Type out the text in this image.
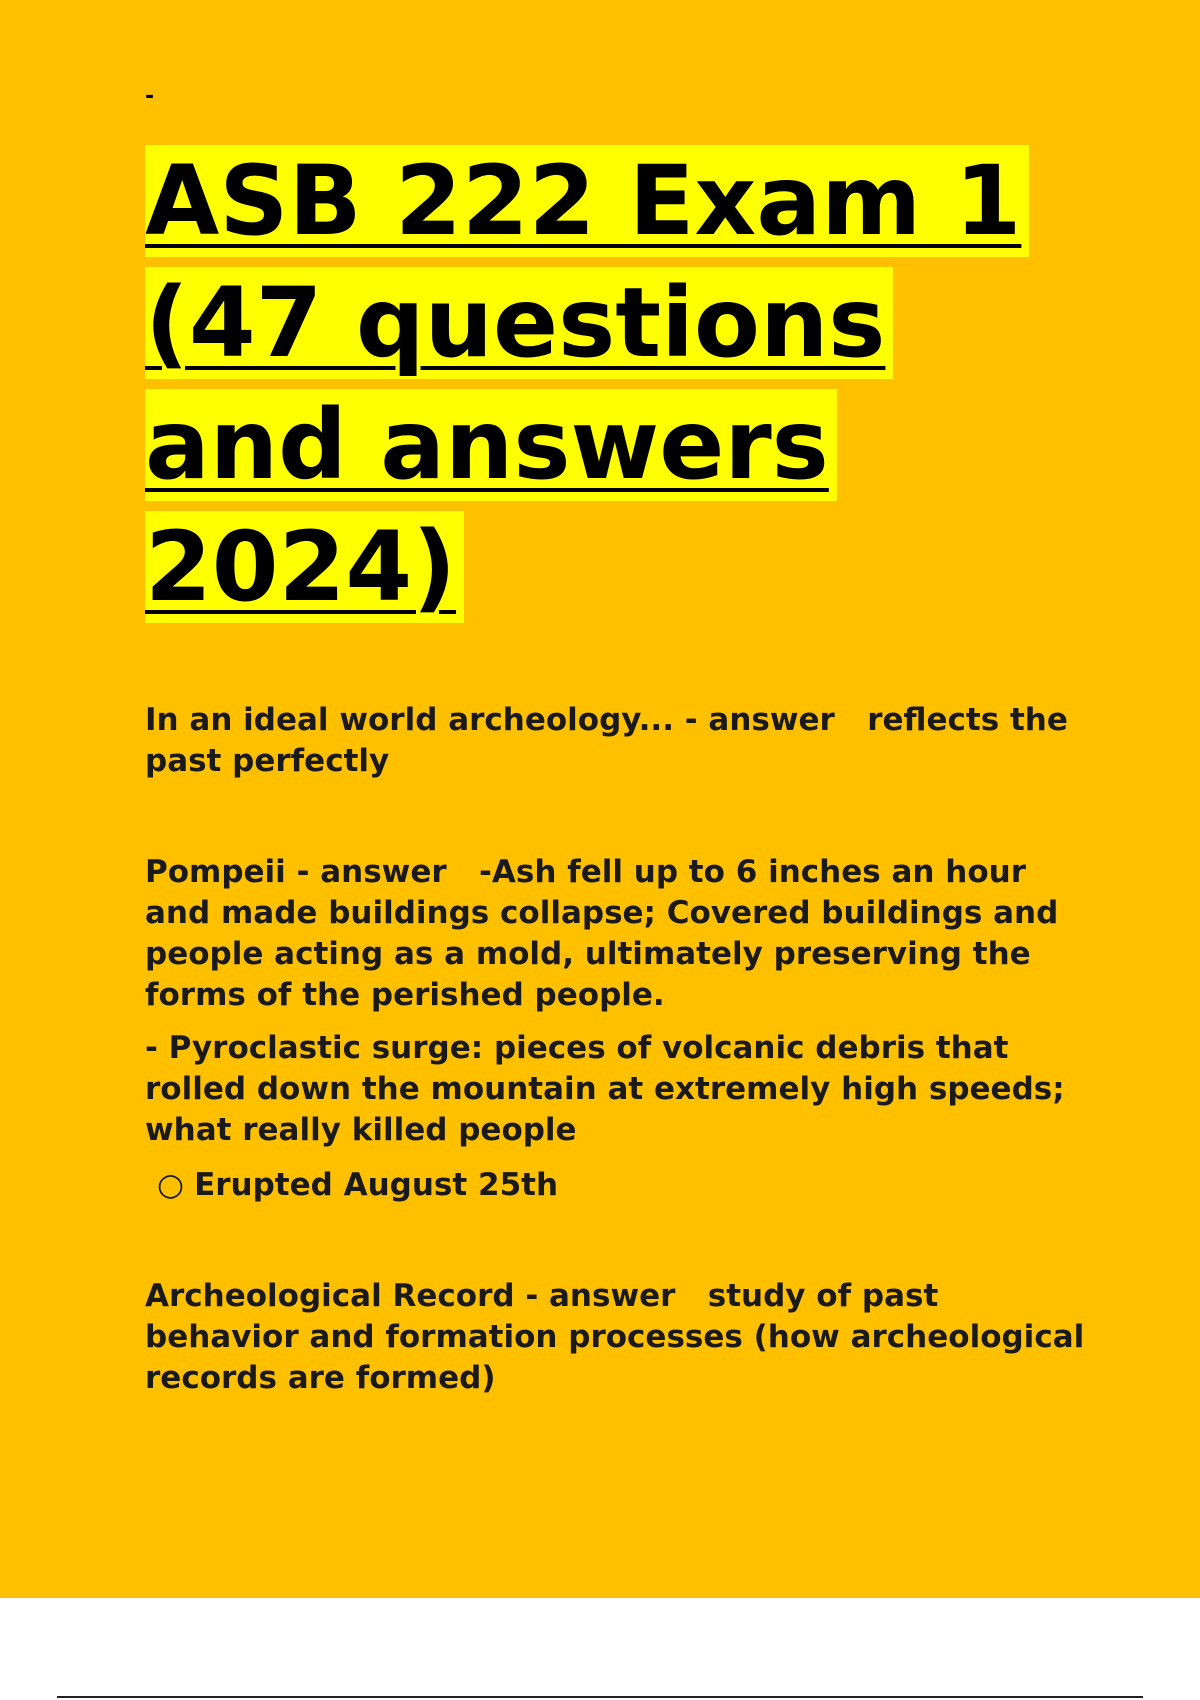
-
ASB 222 Exam 1
(47 questions
and answers
2024)

In an ideal world archeology... - answer reflects the past perfectly

Pompeii - answer -Ash fell up to 6 inches an hour and made buildings collapse; Covered buildings and people acting as a mold, ultimately preserving the forms of the perished people.

- Pyroclastic surge: pieces of volcanic debris that rolled down the mountain at extremely high speeds; what really killed people

○ Erupted August 25th

Archeological Record - answer study of past behavior and formation processes (how archeological records are formed)
